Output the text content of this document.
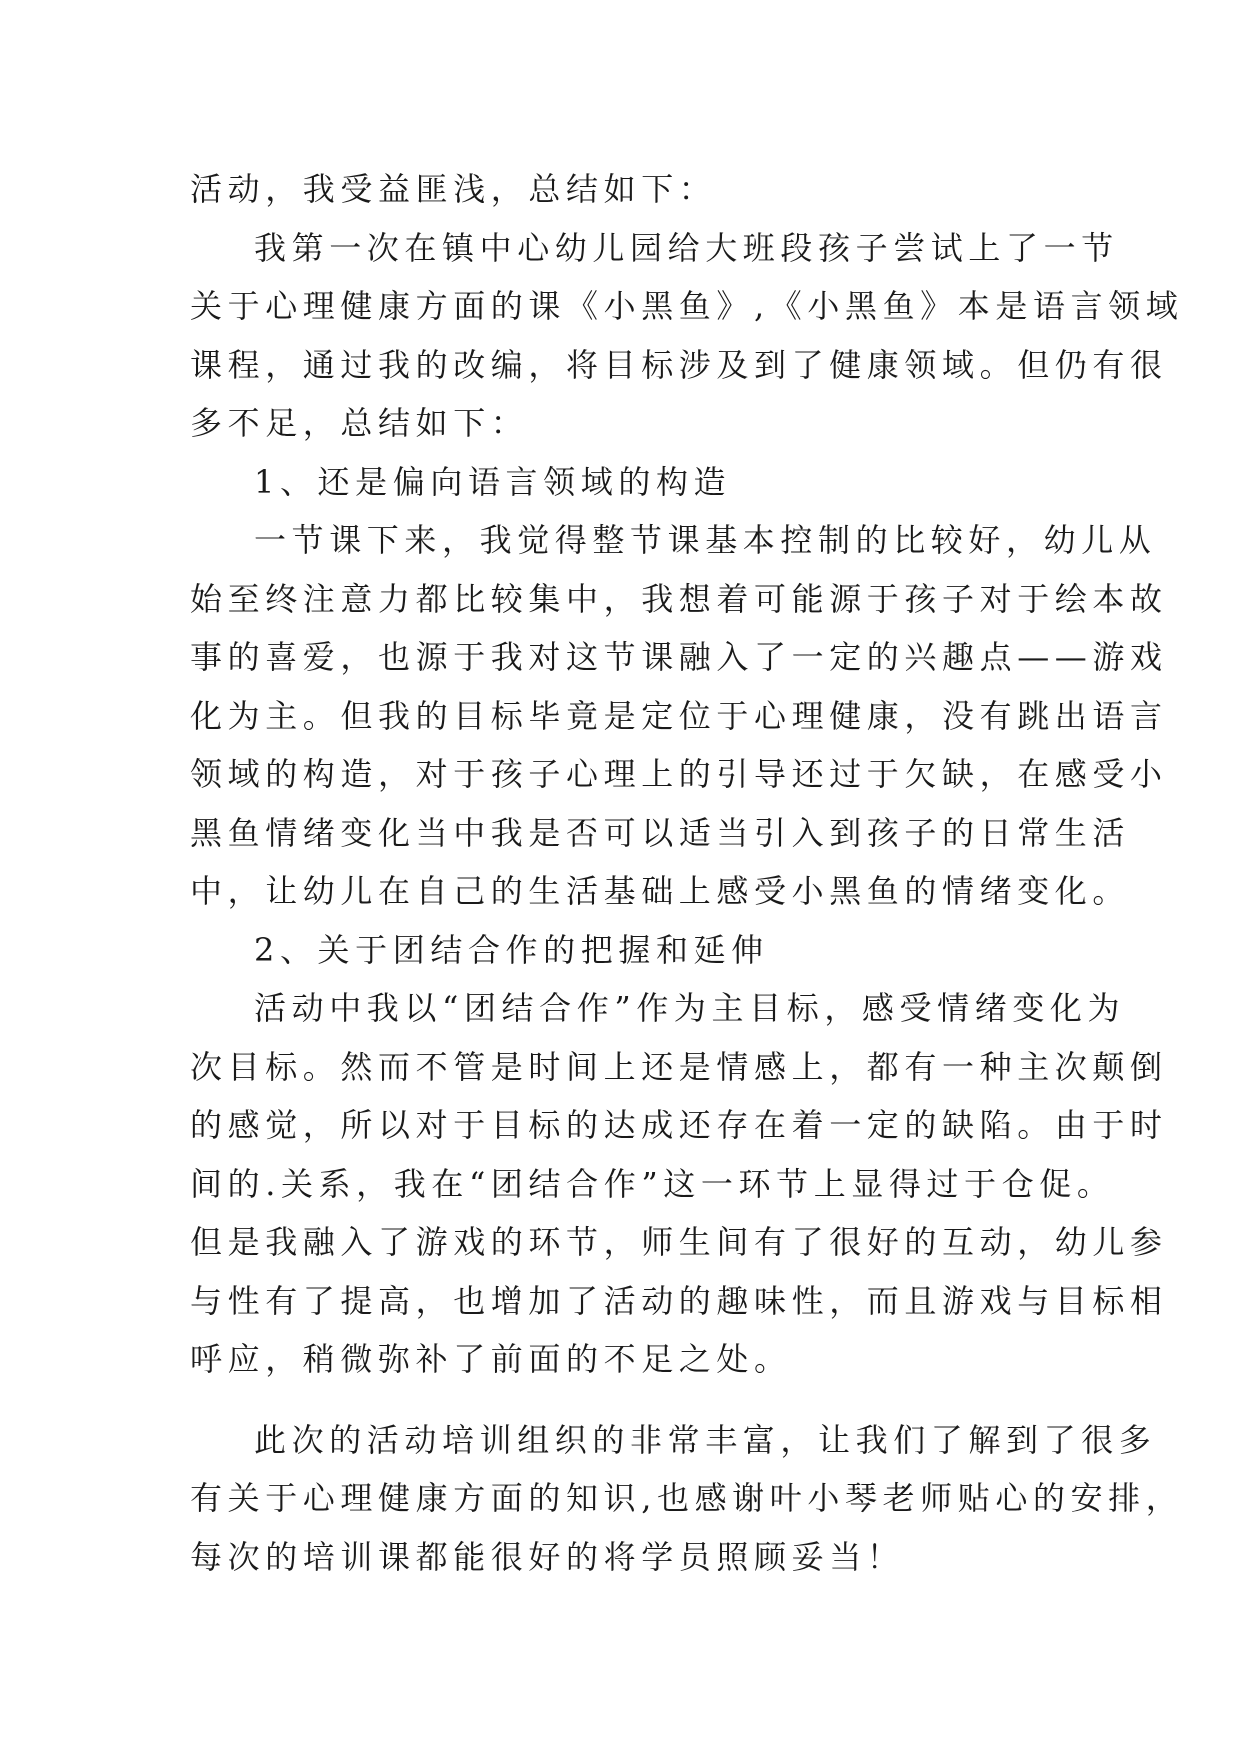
活动，我受益匪浅，总结如下：

我第一次在镇中心幼儿园给大班段孩子尝试上了一节

关于心理健康方面的课《小黑鱼》,《小黑鱼》本是语言领域

课程，通过我的改编，将目标涉及到了健康领域。但仍有很

多不足，总结如下：

1、还是偏向语言领域的构造

一节课下来，我觉得整节课基本控制的比较好，幼儿从

始至终注意力都比较集中，我想着可能源于孩子对于绘本故

事的喜爱，也源于我对这节课融入了一定的兴趣点——游戏

化为主。但我的目标毕竟是定位于心理健康，没有跳出语言

领域的构造，对于孩子心理上的引导还过于欠缺，在感受小

黑鱼情绪变化当中我是否可以适当引入到孩子的日常生活

中，让幼儿在自己的生活基础上感受小黑鱼的情绪变化。

2、关于团结合作的把握和延伸

活动中我以“团结合作”作为主目标，感受情绪变化为

次目标。然而不管是时间上还是情感上，都有一种主次颠倒

的感觉，所以对于目标的达成还存在着一定的缺陷。由于时

间的.关系，我在“团结合作”这一环节上显得过于仓促。

但是我融入了游戏的环节，师生间有了很好的互动，幼儿参

与性有了提高，也增加了活动的趣味性，而且游戏与目标相

呼应，稍微弥补了前面的不足之处。

此次的活动培训组织的非常丰富，让我们了解到了很多

有关于心理健康方面的知识,也感谢叶小琴老师贴心的安排，

每次的培训课都能很好的将学员照顾妥当！
